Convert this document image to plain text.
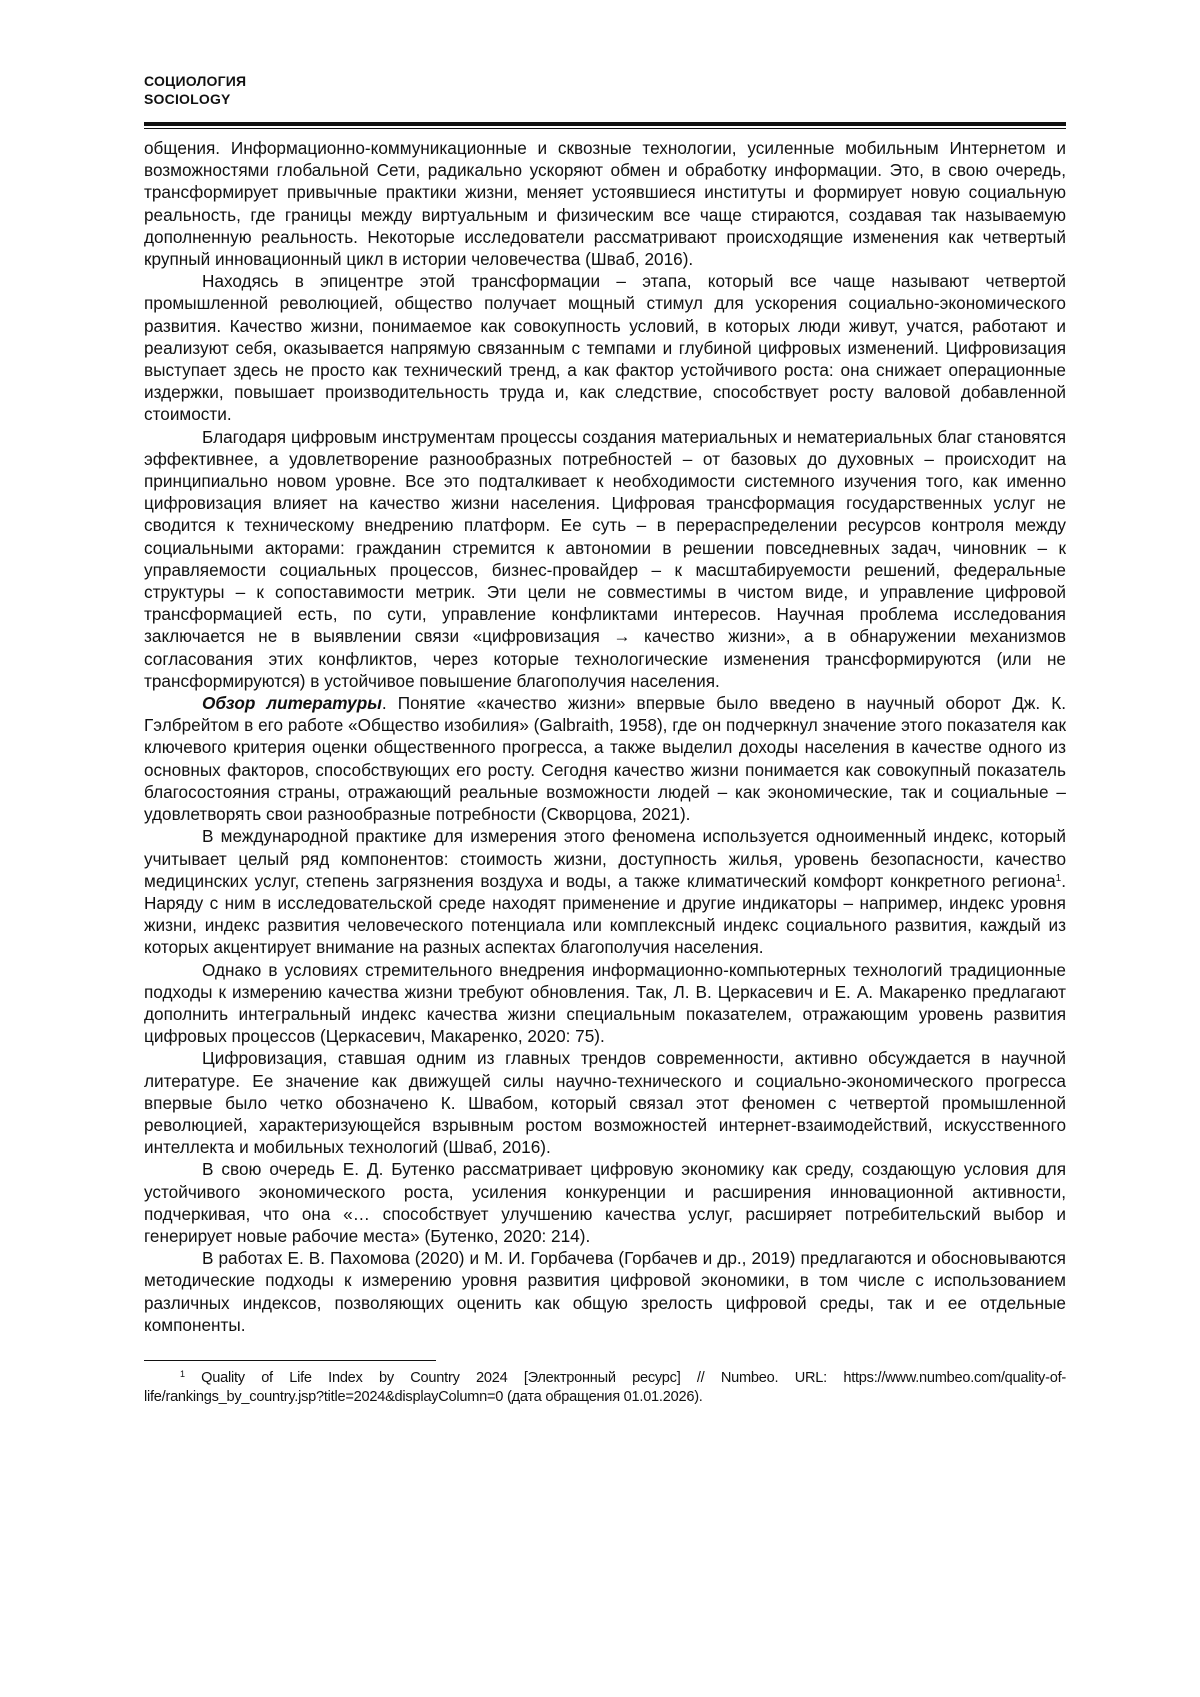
СОЦИОЛОГИЯ
SOCIOLOGY

общения. Информационно-коммуникационные и сквозные технологии, усиленные мобильным Интернетом и возможностями глобальной Сети, радикально ускоряют обмен и обработку информации. Это, в свою очередь, трансформирует привычные практики жизни, меняет устоявшиеся институты и формирует новую социальную реальность, где границы между виртуальным и физическим все чаще стираются, создавая так называемую дополненную реальность. Некоторые исследователи рассматривают происходящие изменения как четвертый крупный инновационный цикл в истории человечества (Шваб, 2016).

Находясь в эпицентре этой трансформации – этапа, который все чаще называют четвертой промышленной революцией, общество получает мощный стимул для ускорения социально-экономического развития. Качество жизни, понимаемое как совокупность условий, в которых люди живут, учатся, работают и реализуют себя, оказывается напрямую связанным с темпами и глубиной цифровых изменений. Цифровизация выступает здесь не просто как технический тренд, а как фактор устойчивого роста: она снижает операционные издержки, повышает производительность труда и, как следствие, способствует росту валовой добавленной стоимости.

Благодаря цифровым инструментам процессы создания материальных и нематериальных благ становятся эффективнее, а удовлетворение разнообразных потребностей – от базовых до духовных – происходит на принципиально новом уровне. Все это подталкивает к необходимости системного изучения того, как именно цифровизация влияет на качество жизни населения. Цифровая трансформация государственных услуг не сводится к техническому внедрению платформ. Ее суть – в перераспределении ресурсов контроля между социальными акторами: гражданин стремится к автономии в решении повседневных задач, чиновник – к управляемости социальных процессов, бизнес-провайдер – к масштабируемости решений, федеральные структуры – к сопоставимости метрик. Эти цели не совместимы в чистом виде, и управление цифровой трансформацией есть, по сути, управление конфликтами интересов. Научная проблема исследования заключается не в выявлении связи «цифровизация → качество жизни», а в обнаружении механизмов согласования этих конфликтов, через которые технологические изменения трансформируются (или не трансформируются) в устойчивое повышение благополучия населения.

Обзор литературы. Понятие «качество жизни» впервые было введено в научный оборот Дж. К. Гэлбрейтом в его работе «Общество изобилия» (Galbraith, 1958), где он подчеркнул значение этого показателя как ключевого критерия оценки общественного прогресса, а также выделил доходы населения в качестве одного из основных факторов, способствующих его росту. Сегодня качество жизни понимается как совокупный показатель благосостояния страны, отражающий реальные возможности людей – как экономические, так и социальные – удовлетворять свои разнообразные потребности (Скворцова, 2021).

В международной практике для измерения этого феномена используется одноименный индекс, который учитывает целый ряд компонентов: стоимость жизни, доступность жилья, уровень безопасности, качество медицинских услуг, степень загрязнения воздуха и воды, а также климатический комфорт конкретного региона$^1$. Наряду с ним в исследовательской среде находят применение и другие индикаторы – например, индекс уровня жизни, индекс развития человеческого потенциала или комплексный индекс социального развития, каждый из которых акцентирует внимание на разных аспектах благополучия населения.

Однако в условиях стремительного внедрения информационно-компьютерных технологий традиционные подходы к измерению качества жизни требуют обновления. Так, Л. В. Церкасевич и Е. А. Макаренко предлагают дополнить интегральный индекс качества жизни специальным показателем, отражающим уровень развития цифровых процессов (Церкасевич, Макаренко, 2020: 75).

Цифровизация, ставшая одним из главных трендов современности, активно обсуждается в научной литературе. Ее значение как движущей силы научно-технического и социально-экономического прогресса впервые было четко обозначено К. Швабом, который связал этот феномен с четвертой промышленной революцией, характеризующейся взрывным ростом возможностей интернет-взаимодействий, искусственного интеллекта и мобильных технологий (Шваб, 2016).

В свою очередь Е. Д. Бутенко рассматривает цифровую экономику как среду, создающую условия для устойчивого экономического роста, усиления конкуренции и расширения инновационной активности, подчеркивая, что она «… способствует улучшению качества услуг, расширяет потребительский выбор и генерирует новые рабочие места» (Бутенко, 2020: 214).

В работах Е. В. Пахомова (2020) и М. И. Горбачева (Горбачев и др., 2019) предлагаются и обосновываются методические подходы к измерению уровня развития цифровой экономики, в том числе с использованием различных индексов, позволяющих оценить как общую зрелость цифровой среды, так и ее отдельные компоненты.

$^1$ Quality of Life Index by Country 2024 [Электронный ресурс] // Numbeo. URL: https://www.numbeo.com/quality-of-life/rankings_by_country.jsp?title=2024&displayColumn=0 (дата обращения 01.01.2026).
